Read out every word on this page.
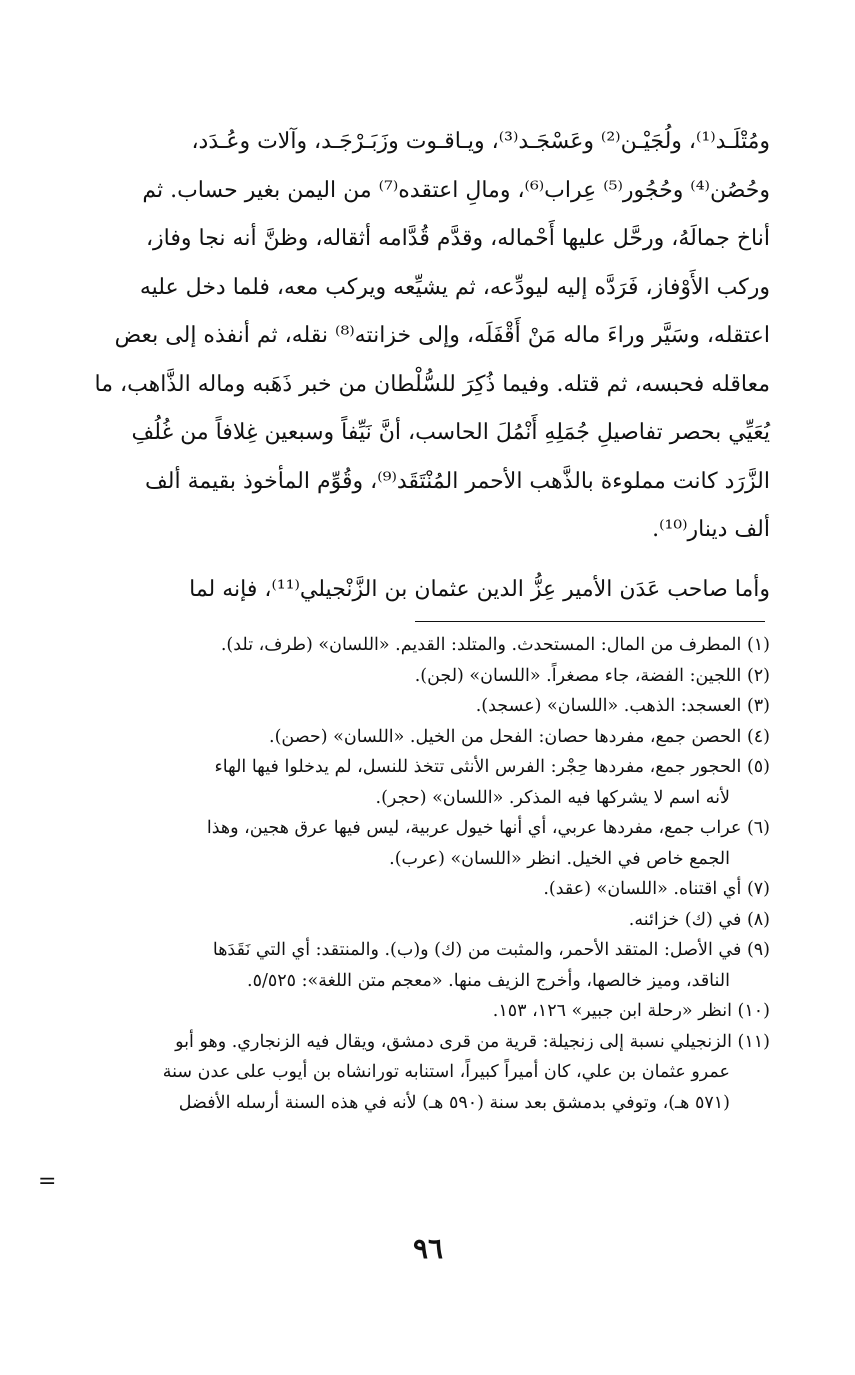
ومُتْلَـد⁽¹⁾، ولُجَيْـن⁽²⁾ وعَسْجَـد⁽³⁾، ويـاقـوت وزَبَـرْجَـد، وآلات وعُـدَد،

وحُصُن⁽⁴⁾ وحُجُور⁽⁵⁾ عِراب⁽⁶⁾، ومالِ اعتقده⁽⁷⁾ من اليمن بغير حساب. ثم

أناخ جمالَهُ، ورحَّل عليها أَحْماله، وقدَّم قُدَّامه أثقاله، وظنَّ أنه نجا وفاز،

وركب الأَوْفاز، فَرَدَّه إليه ليودِّعه، ثم يشيِّعه ويركب معه، فلما دخل عليه

اعتقله، وسَيَّر وراءَ ماله مَنْ أَقْفَلَه، وإلى خزانته⁽⁸⁾ نقله، ثم أنفذه إلى بعض

معاقله فحبسه، ثم قتله. وفيما ذُكِرَ للسُّلْطان من خبر ذَهَبه وماله الذَّاهب، ما

يُعَيِّي بحصر تفاصيلِ جُمَلِهِ أَنْمُلَ الحاسب، أنَّ نَيِّفاً وسبعين غِلافاً من غُلُفِ

الزَّرَد كانت مملوءة بالذَّهب الأحمر المُنْتَقَد⁽⁹⁾، وقُوِّم المأخوذ بقيمة ألف

ألف دينار⁽¹⁰⁾.

وأما صاحب عَدَن الأمير عِزُّ الدين عثمان بن الزَّنْجيلي⁽¹¹⁾، فإنه لما
(١) المطرف من المال: المستحدث. والمتلد: القديم. «اللسان» (طرف، تلد).
(٢) اللجين: الفضة، جاء مصغراً. «اللسان» (لجن).
(٣) العسجد: الذهب. «اللسان» (عسجد).
(٤) الحصن جمع، مفردها حصان: الفحل من الخيل. «اللسان» (حصن).
(٥) الحجور جمع، مفردها حِجْر: الفرس الأنثى تتخذ للنسل، لم يدخلوا فيها الهاء
لأنه اسم لا يشركها فيه المذكر. «اللسان» (حجر).
(٦) عراب جمع، مفردها عربي، أي أنها خيول عربية، ليس فيها عرق هجين، وهذا
الجمع خاص في الخيل. انظر «اللسان» (عرب).
(٧) أي اقتناه. «اللسان» (عقد).
(٨) في (ك) خزائنه.
(٩) في الأصل: المتقد الأحمر، والمثبت من (ك) و(ب). والمنتقد: أي التي نَقَدَها
الناقد، وميز خالصها، وأخرج الزيف منها. «معجم متن اللغة»: ٥/٥٢٥.
(١٠) انظر «رحلة ابن جبير» ١٢٦، ١٥٣.
(١١) الزنجيلي نسبة إلى زنجيلة: قرية من قرى دمشق، ويقال فيه الزنجاري. وهو أبو
عمرو عثمان بن علي، كان أميراً كبيراً، استنابه تورانشاه بن أيوب على عدن سنة
(٥٧١ هـ)، وتوفي بدمشق بعد سنة (٥٩٠ هـ) لأنه في هذه السنة أرسله الأفضل
=
٩٦
